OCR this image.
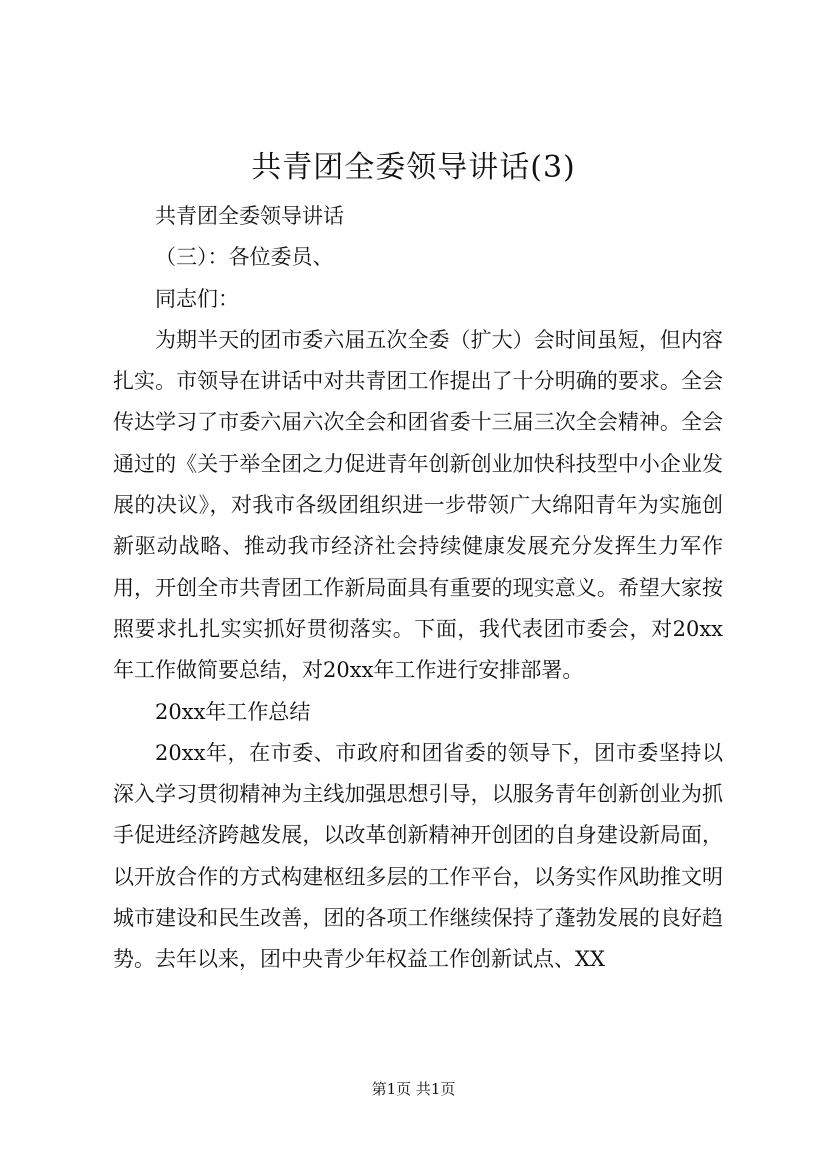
共青团全委领导讲话(3)

共青团全委领导讲话

（三）：各位委员、

同志们：

为期半天的团市委六届五次全委（扩大）会时间虽短，但内容扎实。市领导在讲话中对共青团工作提出了十分明确的要求。全会传达学习了市委六届六次全会和团省委十三届三次全会精神。全会通过的《关于举全团之力促进青年创新创业加快科技型中小企业发展的决议》，对我市各级团组织进一步带领广大绵阳青年为实施创新驱动战略、推动我市经济社会持续健康发展充分发挥生力军作用，开创全市共青团工作新局面具有重要的现实意义。希望大家按照要求扎扎实实抓好贯彻落实。下面，我代表团市委会，对20xx年工作做简要总结，对20xx年工作进行安排部署。

20xx年工作总结

20xx年，在市委、市政府和团省委的领导下，团市委坚持以深入学习贯彻精神为主线加强思想引导，以服务青年创新创业为抓手促进经济跨越发展，以改革创新精神开创团的自身建设新局面，以开放合作的方式构建枢纽多层的工作平台，以务实作风助推文明城市建设和民生改善，团的各项工作继续保持了蓬勃发展的良好趋势。去年以来，团中央青少年权益工作创新试点、XX

第1页 共1页
